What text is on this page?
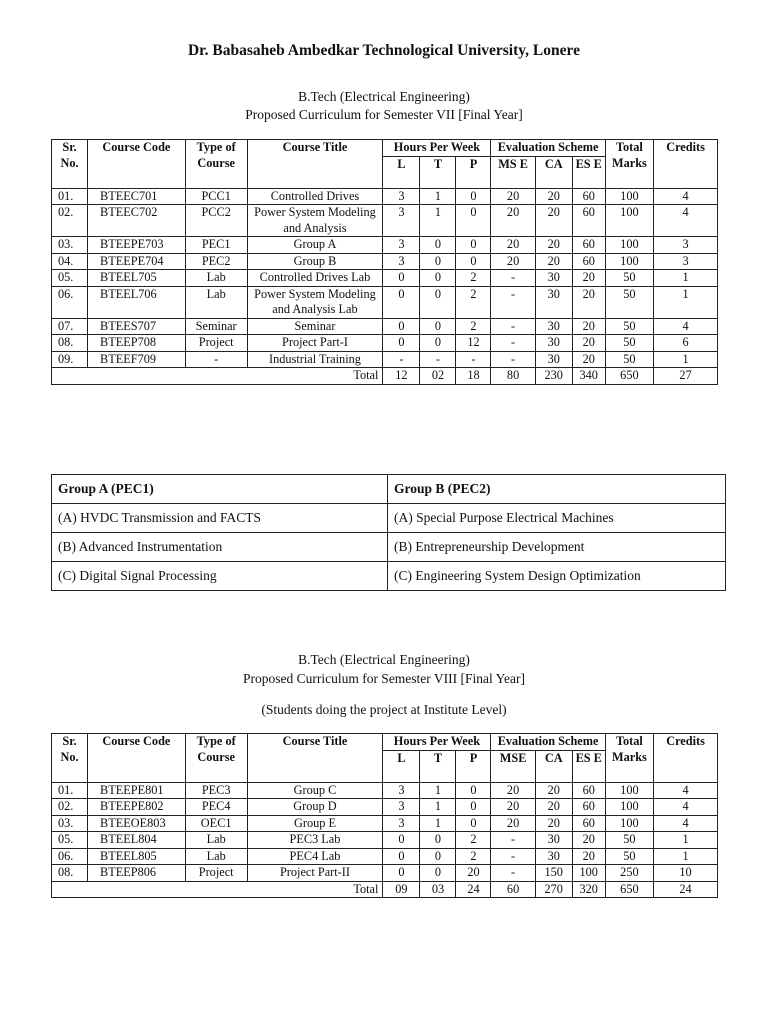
Dr. Babasaheb Ambedkar Technological University, Lonere
B.Tech (Electrical Engineering)
Proposed Curriculum for Semester VII [Final Year]
Sr. No.	Course Code	Type of Course	Course Title	Hours Per Week			Evaluation Scheme			Total Marks	Credits
				L	T	P	MS E	CA	ES E		
01.	BTEEC701	PCC1	Controlled Drives	3	1	0	20	20	60	100	4
02.	BTEEC702	PCC2	Power System Modeling and Analysis	3	1	0	20	20	60	100	4
03.	BTEEPE703	PEC1	Group A	3	0	0	20	20	60	100	3
04.	BTEEPE704	PEC2	Group B	3	0	0	20	20	60	100	3
05.	BTEEL705	Lab	Controlled Drives Lab	0	0	2	-	30	20	50	1
06.	BTEEL706	Lab	Power System Modeling and Analysis Lab	0	0	2	-	30	20	50	1
07.	BTEES707	Seminar	Seminar	0	0	2	-	30	20	50	4
08.	BTEEP708	Project	Project Part-I	0	0	12	-	30	20	50	6
09.	BTEEF709	-	Industrial Training	-	-	-	-	30	20	50	1
Total				12	02	18	80	230	340	650	27
Group A (PEC1)	Group B (PEC2)
(A) HVDC Transmission and FACTS	(A) Special Purpose Electrical Machines
(B) Advanced Instrumentation	(B) Entrepreneurship Development
(C) Digital Signal Processing	(C) Engineering System Design Optimization
B.Tech (Electrical Engineering)
Proposed Curriculum for Semester VIII [Final Year]
(Students doing the project at Institute Level)
Sr. No.	Course Code	Type of Course	Course Title	Hours Per Week			Evaluation Scheme			Total Marks	Credits
				L	T	P	MSE	CA	ES E		
01.	BTEEPE801	PEC3	Group C	3	1	0	20	20	60	100	4
02.	BTEEPE802	PEC4	Group D	3	1	0	20	20	60	100	4
03.	BTEEOE803	OEC1	Group E	3	1	0	20	20	60	100	4
05.	BTEEL804	Lab	PEC3 Lab	0	0	2	-	30	20	50	1
06.	BTEEL805	Lab	PEC4 Lab	0	0	2	-	30	20	50	1
08.	BTEEP806	Project	Project Part-II	0	0	20	-	150	100	250	10
Total				09	03	24	60	270	320	650	24
